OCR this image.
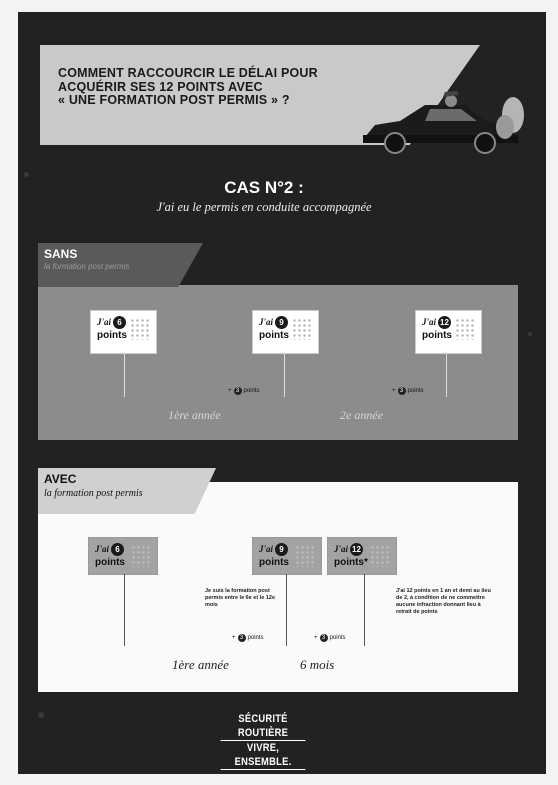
COMMENT RACCOURCIR LE DÉLAI POUR
ACQUÉRIR SES 12 POINTS AVEC
« UNE FORMATION POST PERMIS » ?
CAS N°2 :
J'ai eu le permis en conduite accompagnée
SANS
la formation post permis
J'ai 6
points
J'ai 9
points
J'ai 12
points
+ 3 points	+ 3 points
1ère année	2e année
AVEC
la formation post permis
J'ai 6
points
J'ai 9
points
J'ai 12
points*
Je suis la formation post permis entre le 6e et le 12e mois
J'ai 12 points en 1 an et demi au lieu de 2, à condition de ne commettre aucune infraction donnant lieu à retrait de points
+ 3 points	+ 3 points
1ère année	6 mois
SÉCURITÉ ROUTIÈRE
VIVRE, ENSEMBLE.
